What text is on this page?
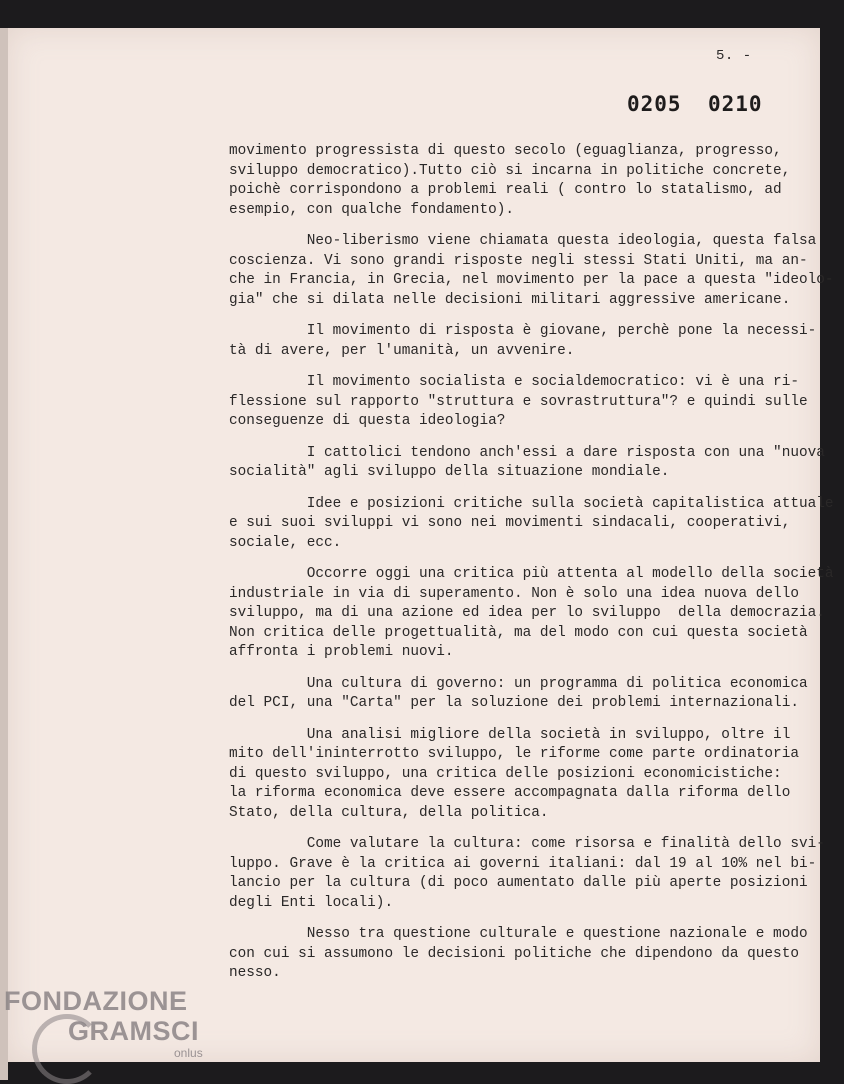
5. -
0205 0210
movimento progressista di questo secolo (eguaglianza, progresso,
sviluppo democratico).Tutto ciò si incarna in politiche concrete,
poichè corrispondono a problemi reali ( contro lo statalismo, ad
esempio, con qualche fondamento).
Neo-liberismo viene chiamata questa ideologia, questa falsa
coscienza. Vi sono grandi risposte negli stessi Stati Uniti, ma an-
che in Francia, in Grecia, nel movimento per la pace a questa "ideolo-
gia" che si dilata nelle decisioni militari aggressive americane.
Il movimento di risposta è giovane, perchè pone la necessi-
tà di avere, per l'umanità, un avvenire.
Il movimento socialista e socialdemocratico: vi è una ri-
flessione sul rapporto "struttura e sovrastruttura"? e quindi sulle
conseguenze di questa ideologia?
I cattolici tendono anch'essi a dare risposta con una "nuova
socialità" agli sviluppo della situazione mondiale.
Idee e posizioni critiche sulla società capitalistica attuale
e sui suoi sviluppi vi sono nei movimenti sindacali, cooperativi,
sociale, ecc.
Occorre oggi una critica più attenta al modello della società
industriale in via di superamento. Non è solo una idea nuova dello
sviluppo, ma di una azione ed idea per lo sviluppo  della democrazia.
Non critica delle progettualità, ma del modo con cui questa società
affronta i problemi nuovi.
Una cultura di governo: un programma di politica economica
del PCI, una "Carta" per la soluzione dei problemi internazionali.
Una analisi migliore della società in sviluppo, oltre il
mito dell'ininterrotto sviluppo, le riforme come parte ordinatoria
di questo sviluppo, una critica delle posizioni economicistiche:
la riforma economica deve essere accompagnata dalla riforma dello
Stato, della cultura, della politica.
Come valutare la cultura: come risorsa e finalità dello svi-
luppo. Grave è la critica ai governi italiani: dal 19 al 10% nel bi-
lancio per la cultura (di poco aumentato dalle più aperte posizioni
degli Enti locali).
Nesso tra questione culturale e questione nazionale e modo
con cui si assumono le decisioni politiche che dipendono da questo
nesso.
FONDAZIONE
GRAMSCI
onlus
